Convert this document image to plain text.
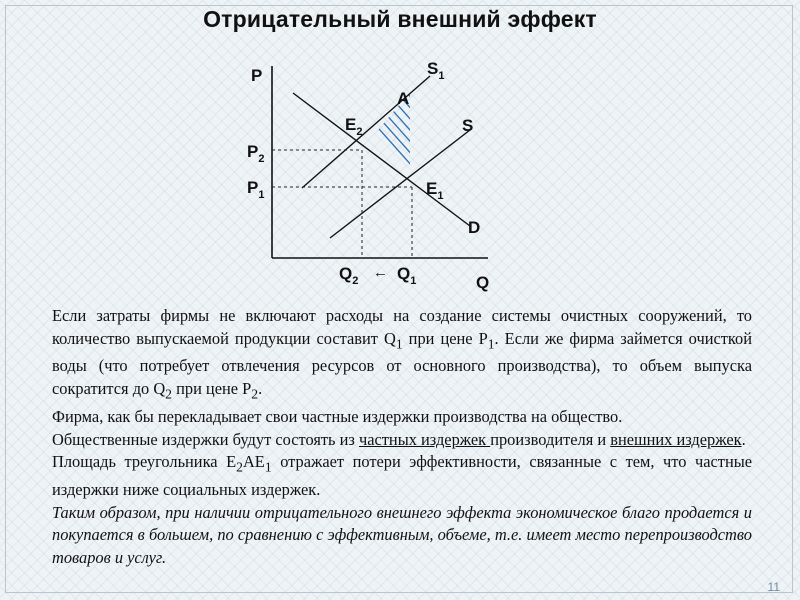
Отрицательный внешний эффект
P
Q
$S_1$
S
D
A
$E_2$
$E_1$
$P_2$
$P_1$
$Q_2$ ← $Q_1$

Если затраты фирмы не включают расходы на создание системы очистных сооружений, то количество выпускаемой продукции составит $Q_1$ при цене $Р_1$. Если же фирма займется очисткой воды (что потребует отвлечения ресурсов от основного производства), то объем выпуска сократится до $Q_2$ при цене $Р_2$.

Фирма, как бы перекладывает свои частные издержки производства на общество.

Общественные издержки будут состоять из частных издержек производителя и внешних издержек.

Площадь треугольника $Е_2АЕ_1$ отражает потери эффективности, связанные с тем, что частные издержки ниже социальных издержек.

Таким образом, при наличии отрицательного внешнего эффекта экономическое благо продается и покупается в большем, по сравнению с эффективным, объеме, т.е. имеет место перепроизводство товаров и услуг.

11
